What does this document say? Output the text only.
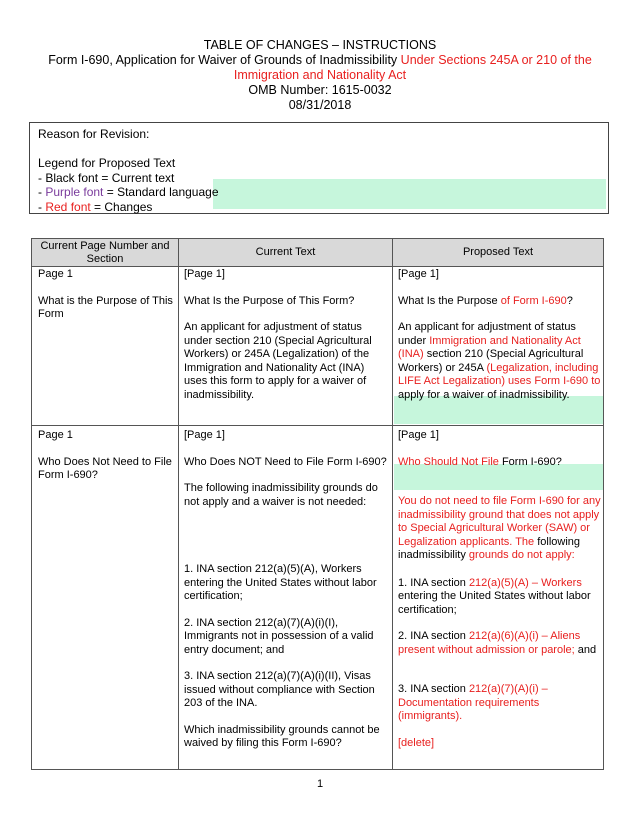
TABLE OF CHANGES – INSTRUCTIONS
Form I-690, Application for Waiver of Grounds of Inadmissibility Under Sections 245A or 210 of the Immigration and Nationality Act
OMB Number: 1615-0032
08/31/2018
Reason for Revision:
Legend for Proposed Text
- Black font = Current text
- Purple font = Standard language
- Red font = Changes
Current Page Number and Section
Current Text	Proposed Text

Page 1

What is the Purpose of This Form

[Page 1]

What Is the Purpose of This Form?

An applicant for adjustment of status under section 210 (Special Agricultural Workers) or 245A (Legalization) of the Immigration and Nationality Act (INA) uses this form to apply for a waiver of inadmissibility.

[Page 1]

What Is the Purpose of Form I-690?

An applicant for adjustment of status under Immigration and Nationality Act (INA) section 210 (Special Agricultural Workers) or 245A (Legalization, including LIFE Act Legalization) uses Form I-690 to apply for a waiver of inadmissibility.

Page 1

Who Does Not Need to File Form I-690?

[Page 1]

Who Does NOT Need to File Form I-690?

The following inadmissibility grounds do not apply and a waiver is not needed:

1. INA section 212(a)(5)(A), Workers entering the United States without labor certification;

2. INA section 212(a)(7)(A)(i)(I), Immigrants not in possession of a valid entry document; and

3. INA section 212(a)(7)(A)(i)(II), Visas issued without compliance with Section 203 of the INA.

Which inadmissibility grounds cannot be waived by filing this Form I-690?

[Page 1]

Who Should Not File Form I-690?

You do not need to file Form I-690 for any inadmissibility ground that does not apply to Special Agricultural Worker (SAW) or Legalization applicants. The following inadmissibility grounds do not apply:

1. INA section 212(a)(5)(A) – Workers entering the United States without labor certification;

2. INA section 212(a)(6)(A)(i) – Aliens present without admission or parole; and

3. INA section 212(a)(7)(A)(i) – Documentation requirements (immigrants).

[delete]

1
